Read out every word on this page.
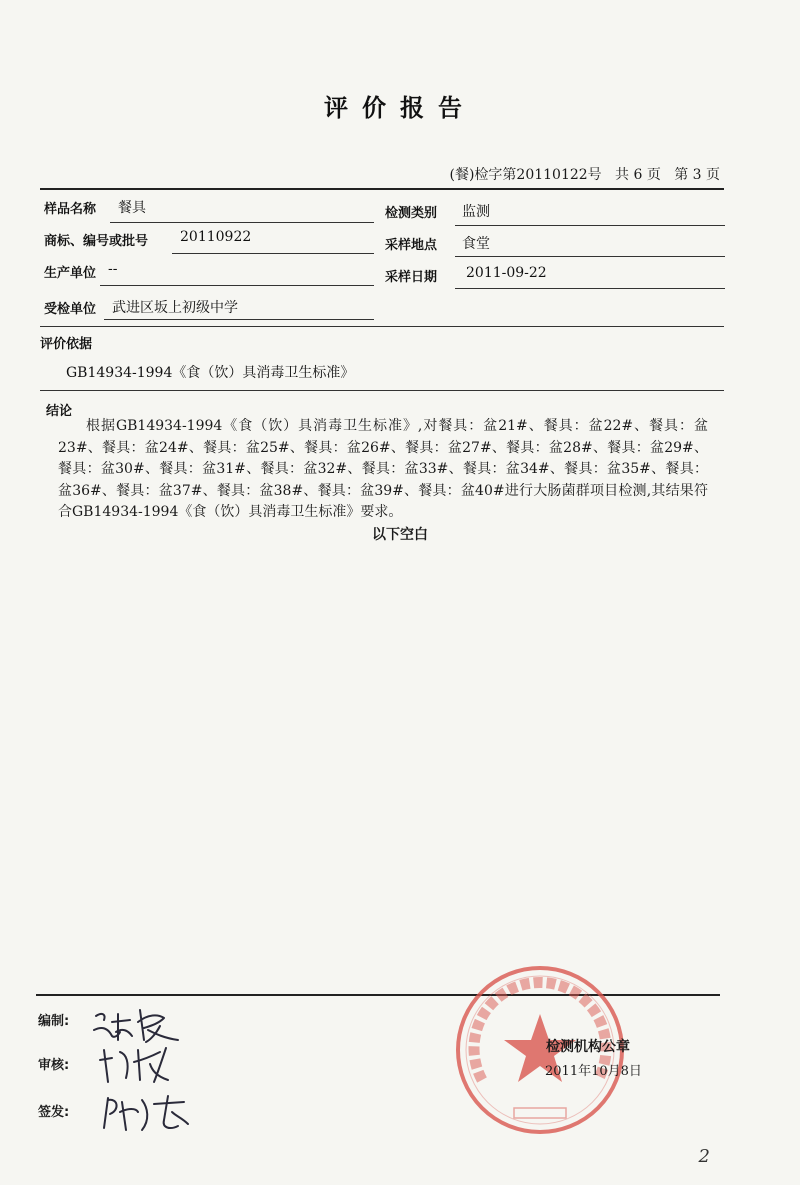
评价报告
(餐)检字第20110122号   共 6 页   第 3 页
样品名称 餐具	检测类别 监测
商标、编号或批号 20110922
采样地点 食堂
生产单位 --
采样日期 2011-09-22
受检单位 武进区坂上初级中学
评价依据
GB14934-1994《食（饮）具消毒卫生标准》
结论
根据GB14934-1994《食（饮）具消毒卫生标准》,对餐具：盆21#、餐具：盆22#、餐具：盆23#、餐具：盆24#、餐具：盆25#、餐具：盆26#、餐具：盆27#、餐具：盆28#、餐具：盆29#、餐具：盆30#、餐具：盆31#、餐具：盆32#、餐具：盆33#、餐具：盆34#、餐具：盆35#、餐具：盆36#、餐具：盆37#、餐具：盆38#、餐具：盆39#、餐具：盆40#进行大肠菌群项目检测,其结果符合GB14934-1994《食（饮）具消毒卫生标准》要求。
以下空白
编制:
审核:
签发:
检测机构公章
2011年10月8日
2
